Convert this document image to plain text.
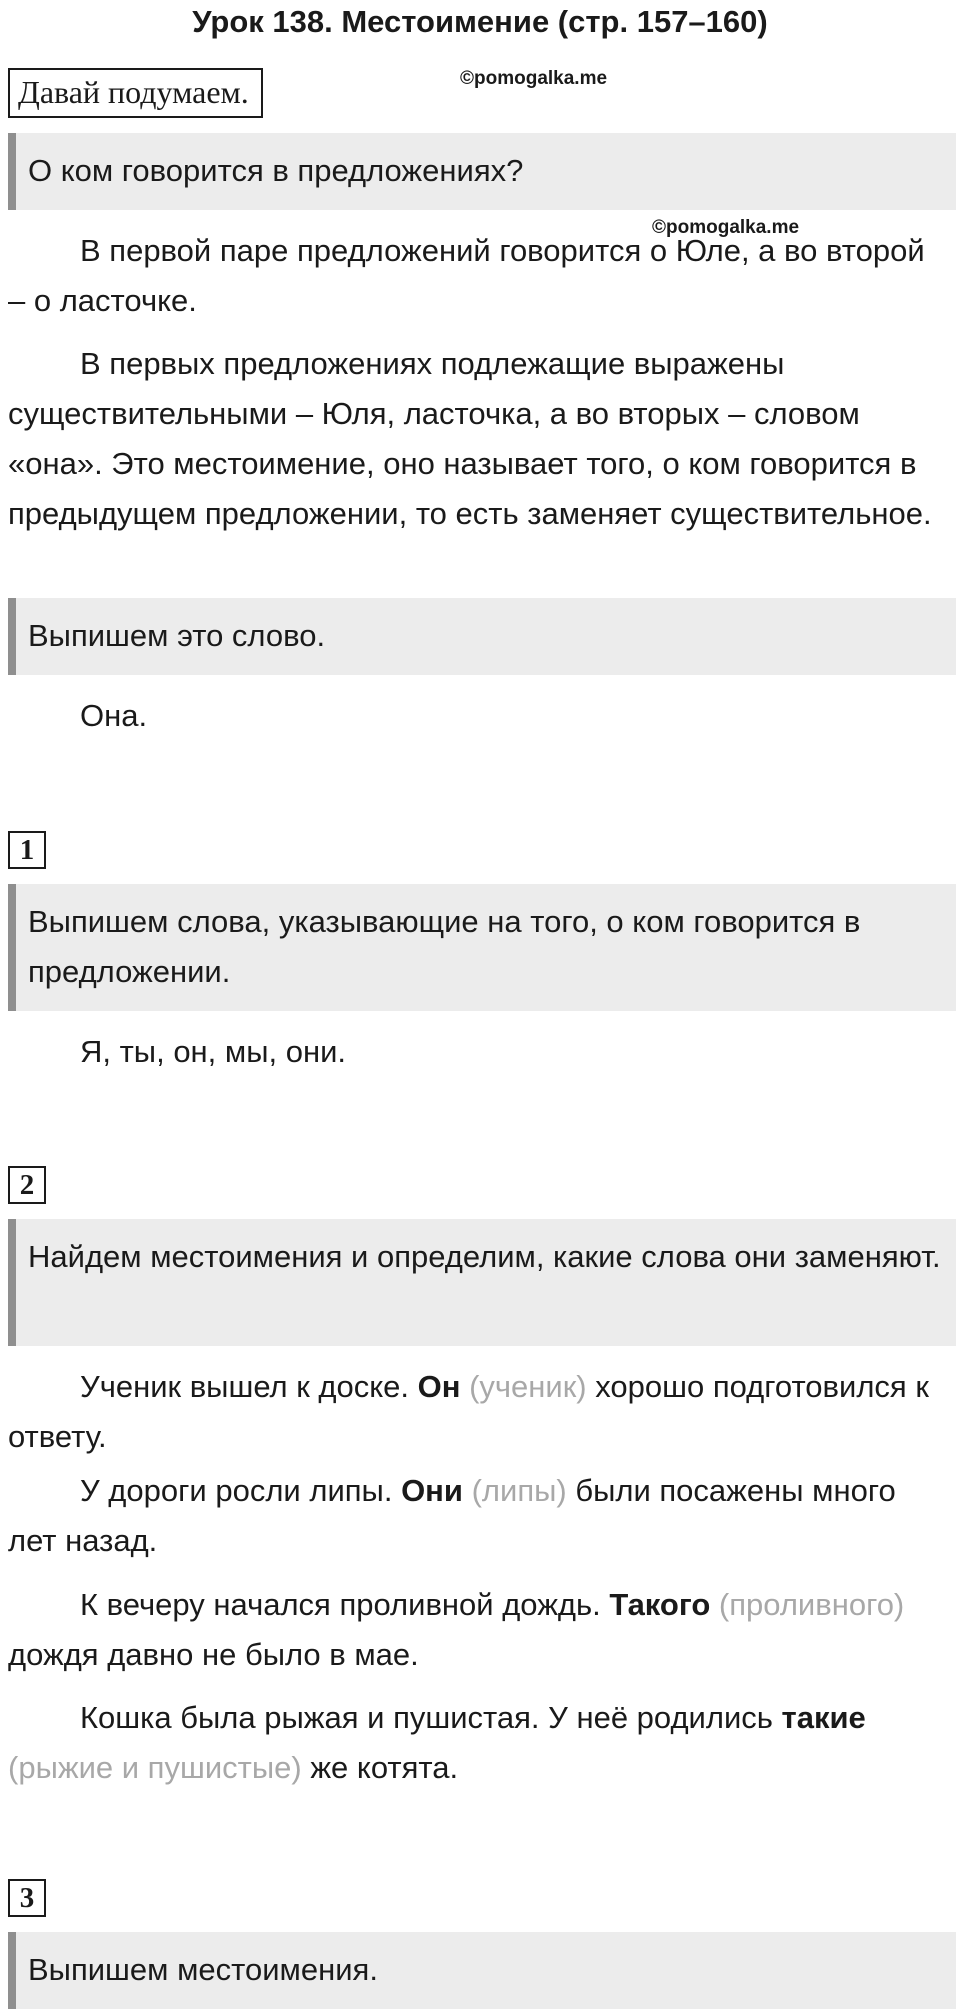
Урок 138. Местоимение (стр. 157–160)
Давай подумаем.	©pomogalka.me
О ком говорится в предложениях?
©pomogalka.me
В первой паре предложений говорится о Юле, а во второй – о ласточке.
В первых предложениях подлежащие выражены существительными – Юля, ласточка, а во вторых – словом «она». Это местоимение, оно называет того, о ком говорится в предыдущем предложении, то есть заменяет существительное.
Выпишем это слово.
Она.
1
Выпишем слова, указывающие на того, о ком говорится в предложении.
Я, ты, он, мы, они.
2
Найдем местоимения и определим, какие слова они заменяют.
Ученик вышел к доске. Он (ученик) хорошо подготовился к ответу.
У дороги росли липы. Они (липы) были посажены много лет назад.
К вечеру начался проливной дождь. Такого (проливного) дождя давно не было в мае.
Кошка была рыжая и пушистая. У неё родились такие (рыжие и пушистые) же котята.
3
Выпишем местоимения.
